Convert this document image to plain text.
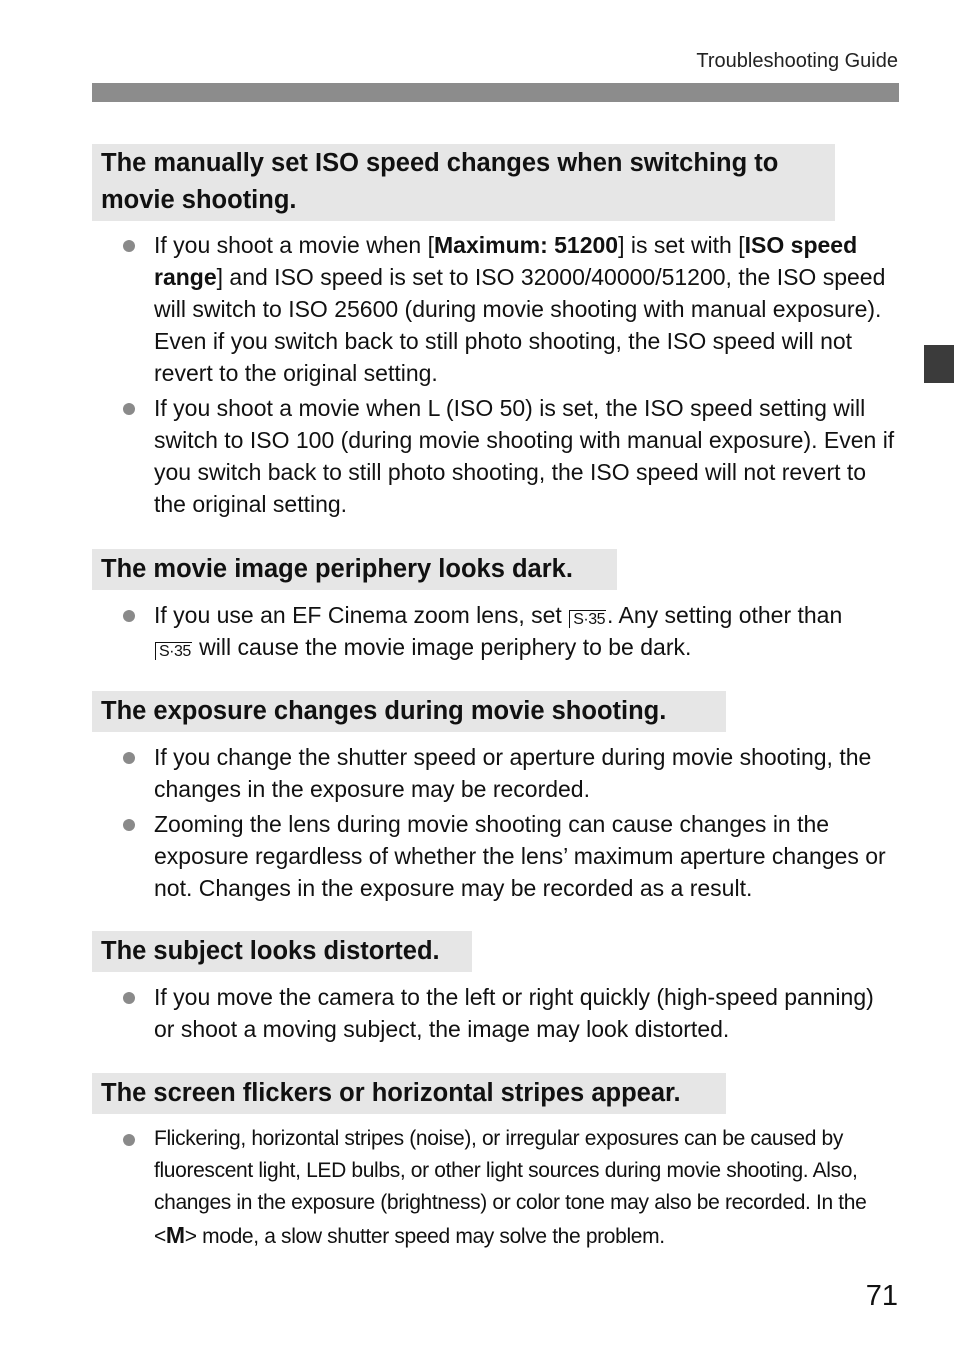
Troubleshooting Guide
The manually set ISO speed changes when switching to movie shooting.
If you shoot a movie when [Maximum: 51200] is set with [ISO speed range] and ISO speed is set to ISO 32000/40000/51200, the ISO speed will switch to ISO 25600 (during movie shooting with manual exposure). Even if you switch back to still photo shooting, the ISO speed will not revert to the original setting.
If you shoot a movie when L (ISO 50) is set, the ISO speed setting will switch to ISO 100 (during movie shooting with manual exposure). Even if you switch back to still photo shooting, the ISO speed will not revert to the original setting.
The movie image periphery looks dark.
If you use an EF Cinema zoom lens, set S·35. Any setting other than
S·35 will cause the movie image periphery to be dark.
The exposure changes during movie shooting.
If you change the shutter speed or aperture during movie shooting, the changes in the exposure may be recorded.
Zooming the lens during movie shooting can cause changes in the exposure regardless of whether the lens’ maximum aperture changes or not. Changes in the exposure may be recorded as a result.
The subject looks distorted.
If you move the camera to the left or right quickly (high-speed panning) or shoot a moving subject, the image may look distorted.
The screen flickers or horizontal stripes appear.
Flickering, horizontal stripes (noise), or irregular exposures can be caused by fluorescent light, LED bulbs, or other light sources during movie shooting. Also, changes in the exposure (brightness) or color tone may also be recorded. In the <M> mode, a slow shutter speed may solve the problem.
71
